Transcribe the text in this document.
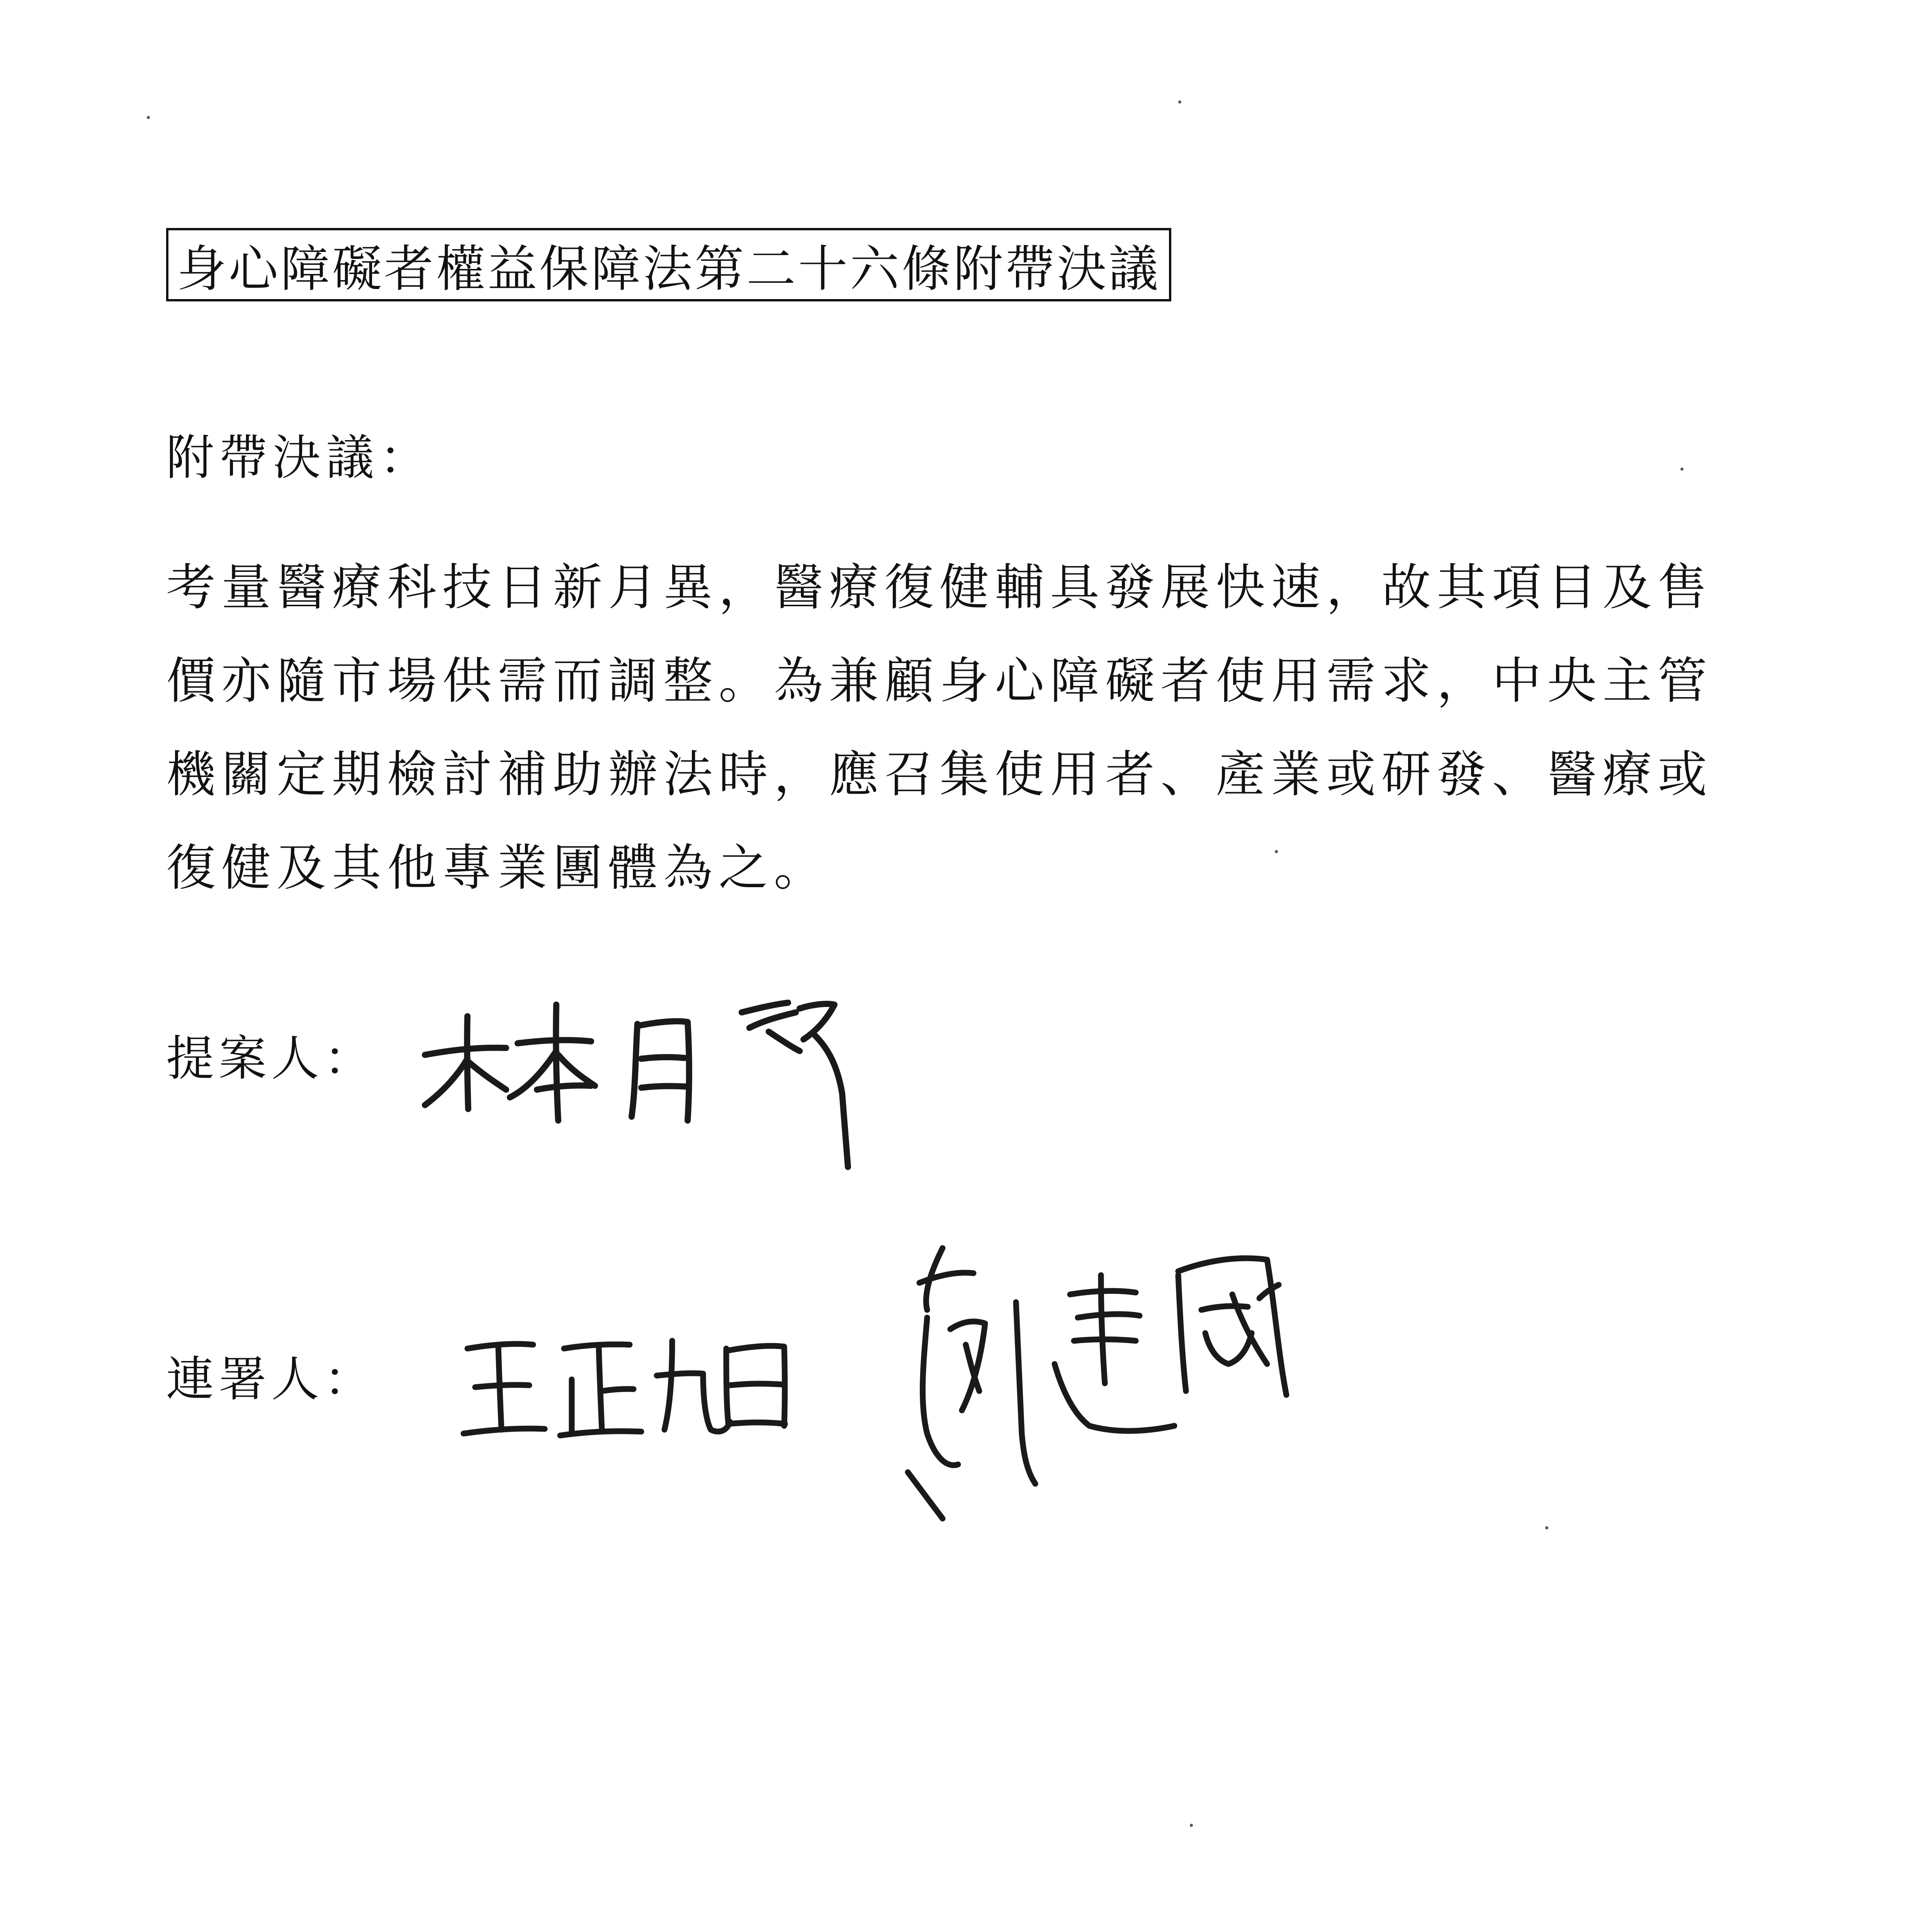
身心障礙者權益保障法第二十六條附帶決議
附帶決議：
考量醫療科技日新月異，醫療復健輔具發展快速，故其項目及售
價亦隨市場供需而調整。為兼顧身心障礙者使用需求，中央主管
機關定期檢討補助辦法時，應召集使用者、產業或研發、醫療或
復健及其他專業團體為之。
提案人：
連署人：
